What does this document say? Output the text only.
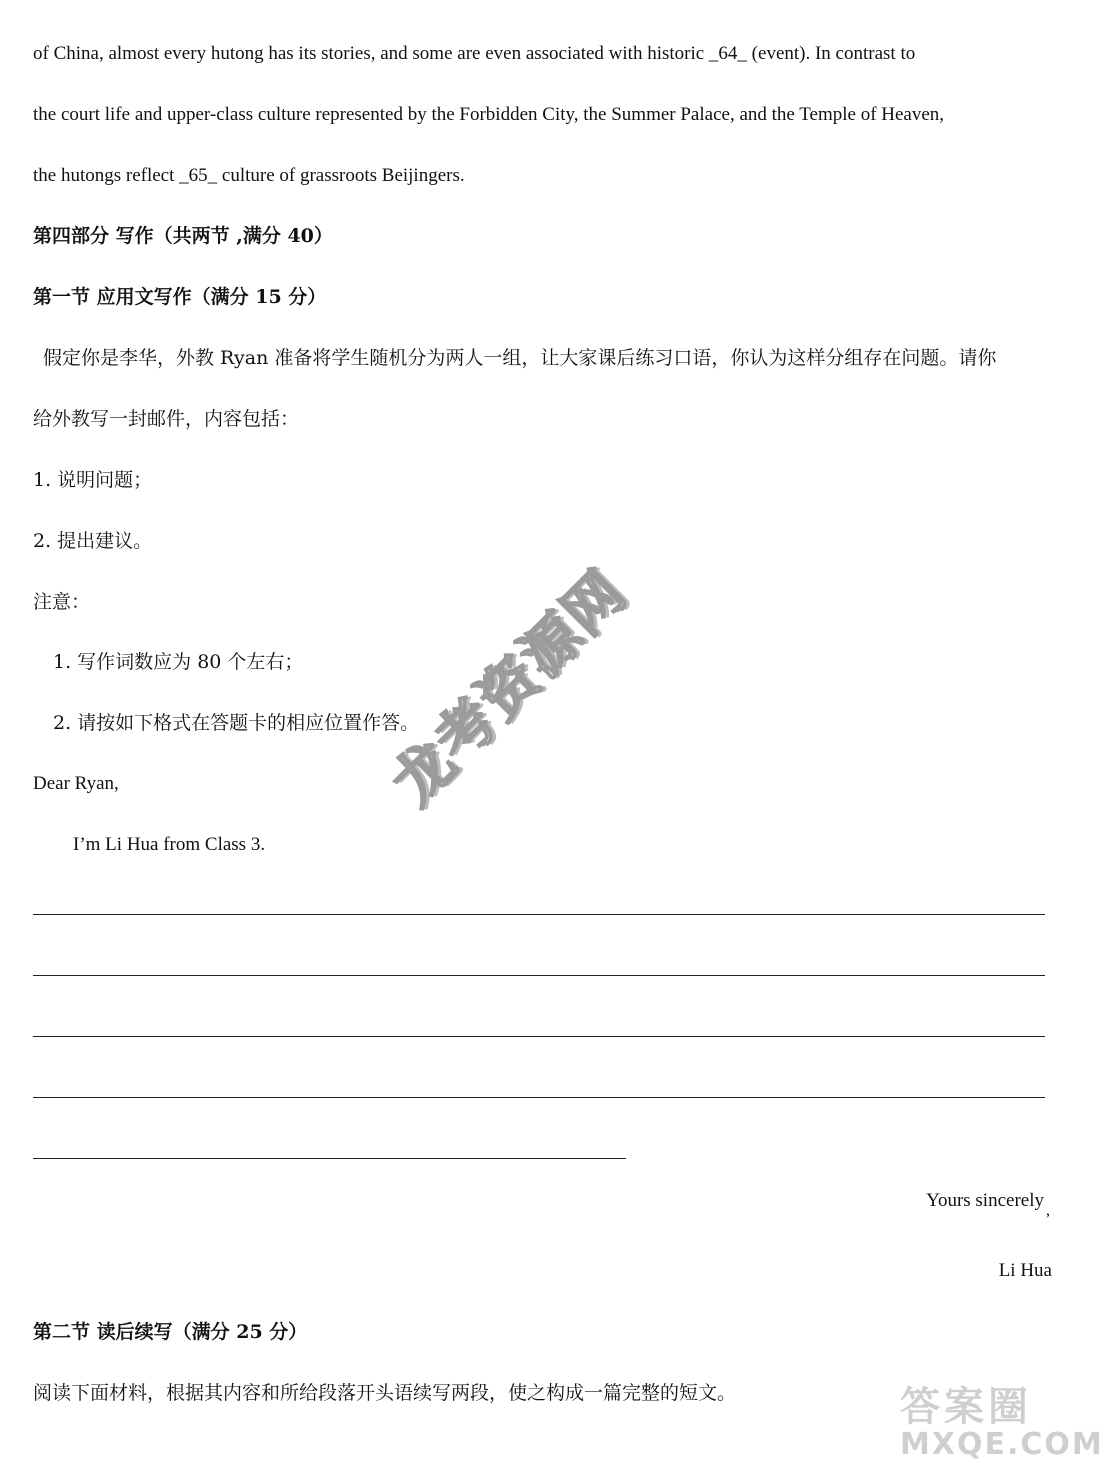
of China, almost every hutong has its stories, and some are even associated with historic _64_ (event). In contrast to
the court life and upper-class culture represented by the Forbidden City, the Summer Palace, and the Temple of Heaven,
the hutongs reflect _65_ culture of grassroots Beijingers.
第四部分 写作（共两节 ,满分 40）
第一节 应用文写作（满分 15 分）
假定你是李华，外教 Ryan 准备将学生随机分为两人一组，让大家课后练习口语，你认为这样分组存在问题。请你
给外教写一封邮件，内容包括：
1. 说明问题；
2. 提出建议。
注意：
1. 写作词数应为 80 个左右；
2. 请按如下格式在答题卡的相应位置作答。
Dear Ryan,
I’m Li Hua from Class 3.
Yours sincerely ,
Li Hua
第二节 读后续写（满分 25 分）
阅读下面材料，根据其内容和所给段落开头语续写两段，使之构成一篇完整的短文。
龙考资源网
答案圈
MXQE.COM
